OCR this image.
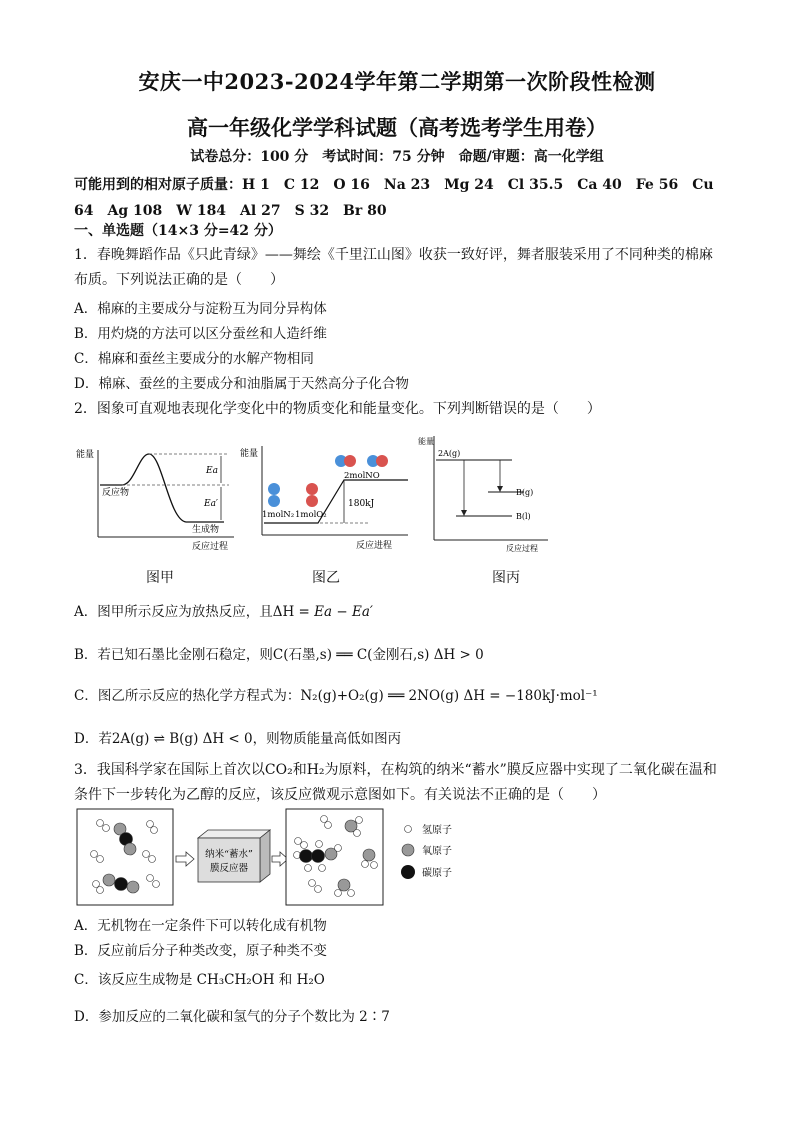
安庆一中2023-2024学年第二学期第一次阶段性检测
高一年级化学学科试题（高考选考学生用卷）
试卷总分：100 分　考试时间：75 分钟　命题/审题：高一化学组
可能用到的相对原子质量：H 1　C 12　O 16　Na 23　Mg 24　Cl 35.5　Ca 40　Fe 56　Cu 64　Ag 108　W 184　Al 27　S 32　Br 80
一、单选题（14×3 分=42 分）
1．春晚舞蹈作品《只此青绿》——舞绘《千里江山图》收获一致好评，舞者服装采用了不同种类的棉麻布质。下列说法正确的是（　　）
A．棉麻的主要成分与淀粉互为同分异构体
B．用灼烧的方法可以区分蚕丝和人造纤维
C．棉麻和蚕丝主要成分的水解产物相同
D．棉麻、蚕丝的主要成分和油脂属于天然高分子化合物
2．图象可直观地表现化学变化中的物质变化和能量变化。下列判断错误的是（　　）
能量
反应过程
反应物
生成物
Ea
Ea′
图甲
能量
反应进程
180kJ
1molN₂ 1molO₂
2molNO
图乙
能量
反应过程
2A(g)
B(g)
B(l)
图丙
A．图甲所示反应为放热反应，且ΔH = Ea − Ea′
B．若已知石墨比金刚石稳定，则C(石墨,s) ══ C(金刚石,s) ΔH > 0
C．图乙所示反应的热化学方程式为：N₂(g)+O₂(g) ══ 2NO(g) ΔH = −180kJ·mol⁻¹
D．若2A(g) ⇌ B(g) ΔH < 0，则物质能量高低如图丙
3．我国科学家在国际上首次以CO₂和H₂为原料，在构筑的纳米“蓄水”膜反应器中实现了二氧化碳在温和条件下一步转化为乙醇的反应，该反应微观示意图如下。有关说法不正确的是（　　）
纳米“蓄水”
膜反应器
氢原子
氧原子
碳原子
A．无机物在一定条件下可以转化成有机物
B．反应前后分子种类改变，原子种类不变
C．该反应生成物是 CH₃CH₂OH 和 H₂O
D．参加反应的二氧化碳和氢气的分子个数比为 2∶7
